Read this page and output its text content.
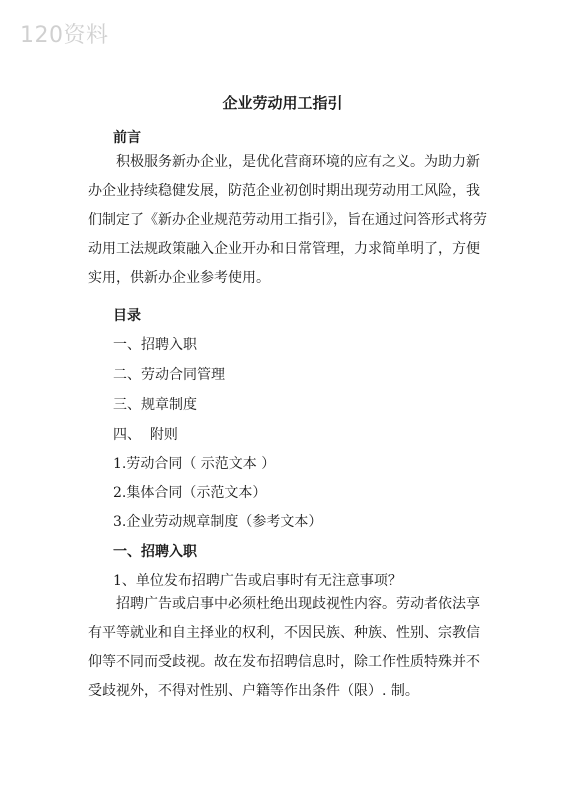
120资料
企业劳动用工指引
前言

积极服务新办企业，是优化营商环境的应有之义。为助力新办企业持续稳健发展，防范企业初创时期出现劳动用工风险，我们制定了《新办企业规范劳动用工指引》，旨在通过问答形式将劳动用工法规政策融入企业开办和日常管理，力求简单明了，方便实用，供新办企业参考使用。

目录
一、招聘入职
二、劳动合同管理
三、规章制度
四、  附则
1.劳动合同（ 示范文本 ）
2.集体合同（示范文本）
3.企业劳动规章制度（参考文本）
一、招聘入职
1、单位发布招聘广告或启事时有无注意事项？

招聘广告或启事中必须杜绝出现歧视性内容。劳动者依法享有平等就业和自主择业的权利，不因民族、种族、性别、宗教信仰等不同而受歧视。故在发布招聘信息时，除工作性质特殊并不受歧视外，不得对性别、户籍等作出条件（限）. 制。
